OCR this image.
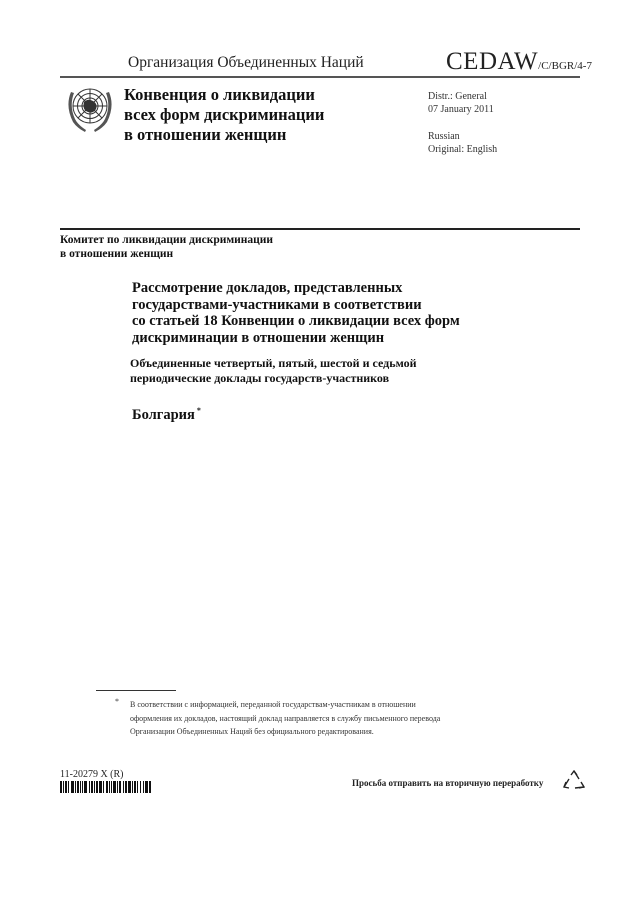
Организация Объединенных Наций	CEDAW/C/BGR/4-7
Конвенция о ликвидации
всех форм дискриминации
в отношении женщин
Distr.: General
07 January 2011
Russian
Original: English
Комитет по ликвидации дискриминации
в отношении женщин
Рассмотрение докладов, представленных
государствами-участниками в соответствии
со статьей 18 Конвенции о ликвидации всех форм
дискриминации в отношении женщин
Объединенные четвертый, пятый, шестой и седьмой
периодические доклады государств-участников
Болгария *
* В соответствии с информацией, переданной государствам-участникам в отношении
оформления их докладов, настоящий доклад направляется в службу письменного перевода
Организации Объединенных Наций без официального редактирования.
11-20279 X (R)
Просьба отправить на вторичную переработку
